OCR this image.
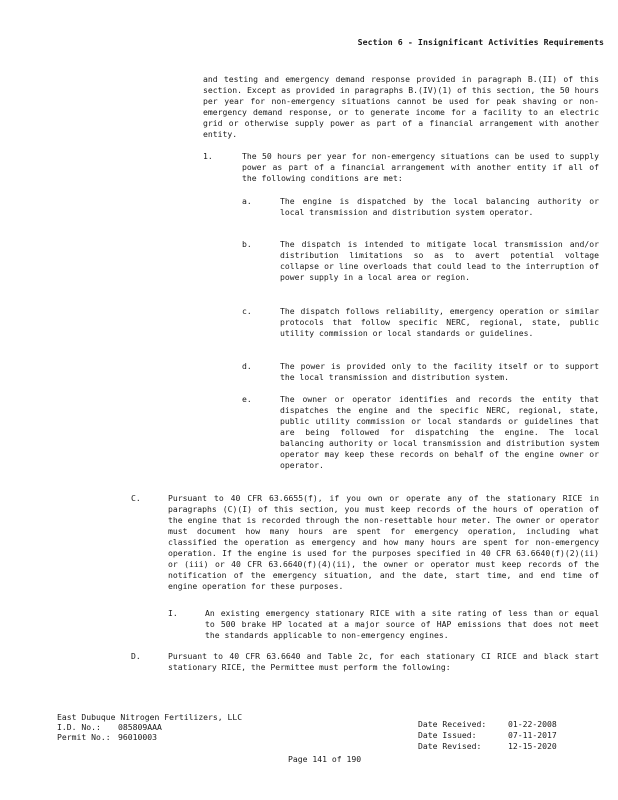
Section 6 - Insignificant Activities Requirements
and testing and emergency demand response provided in paragraph B.(II) of this section. Except as provided in paragraphs B.(IV)(1) of this section, the 50 hours per year for non-emergency situations cannot be used for peak shaving or non-emergency demand response, or to generate income for a facility to an electric grid or otherwise supply power as part of a financial arrangement with another entity.
1.	The 50 hours per year for non-emergency situations can be used to supply power as part of a financial arrangement with another entity if all of the following conditions are met:
a.	The engine is dispatched by the local balancing authority or local transmission and distribution system operator.
b.	The dispatch is intended to mitigate local transmission and/or distribution limitations so as to avert potential voltage collapse or line overloads that could lead to the interruption of power supply in a local area or region.
c.	The dispatch follows reliability, emergency operation or similar protocols that follow specific NERC, regional, state, public utility commission or local standards or guidelines.
d.	The power is provided only to the facility itself or to support the local transmission and distribution system.
e.	The owner or operator identifies and records the entity that dispatches the engine and the specific NERC, regional, state, public utility commission or local standards or guidelines that are being followed for dispatching the engine. The local balancing authority or local transmission and distribution system operator may keep these records on behalf of the engine owner or operator.
C.	Pursuant to 40 CFR 63.6655(f), if you own or operate any of the stationary RICE in paragraphs (C)(I) of this section, you must keep records of the hours of operation of the engine that is recorded through the non-resettable hour meter. The owner or operator must document how many hours are spent for emergency operation, including what classified the operation as emergency and how many hours are spent for non-emergency operation. If the engine is used for the purposes specified in 40 CFR 63.6640(f)(2)(ii) or (iii) or 40 CFR 63.6640(f)(4)(ii), the owner or operator must keep records of the notification of the emergency situation, and the date, start time, and end time of engine operation for these purposes.
I.	An existing emergency stationary RICE with a site rating of less than or equal to 500 brake HP located at a major source of HAP emissions that does not meet the standards applicable to non-emergency engines.
D.	Pursuant to 40 CFR 63.6640 and Table 2c, for each stationary CI RICE and black start stationary RICE, the Permittee must perform the following:
East Dubuque Nitrogen Fertilizers, LLC
I.D. No.: 085809AAA
Permit No.: 96010003
Date Received:	01-22-2008
Date Issued:	07-11-2017
Date Revised:	12-15-2020
Page 141 of 190
